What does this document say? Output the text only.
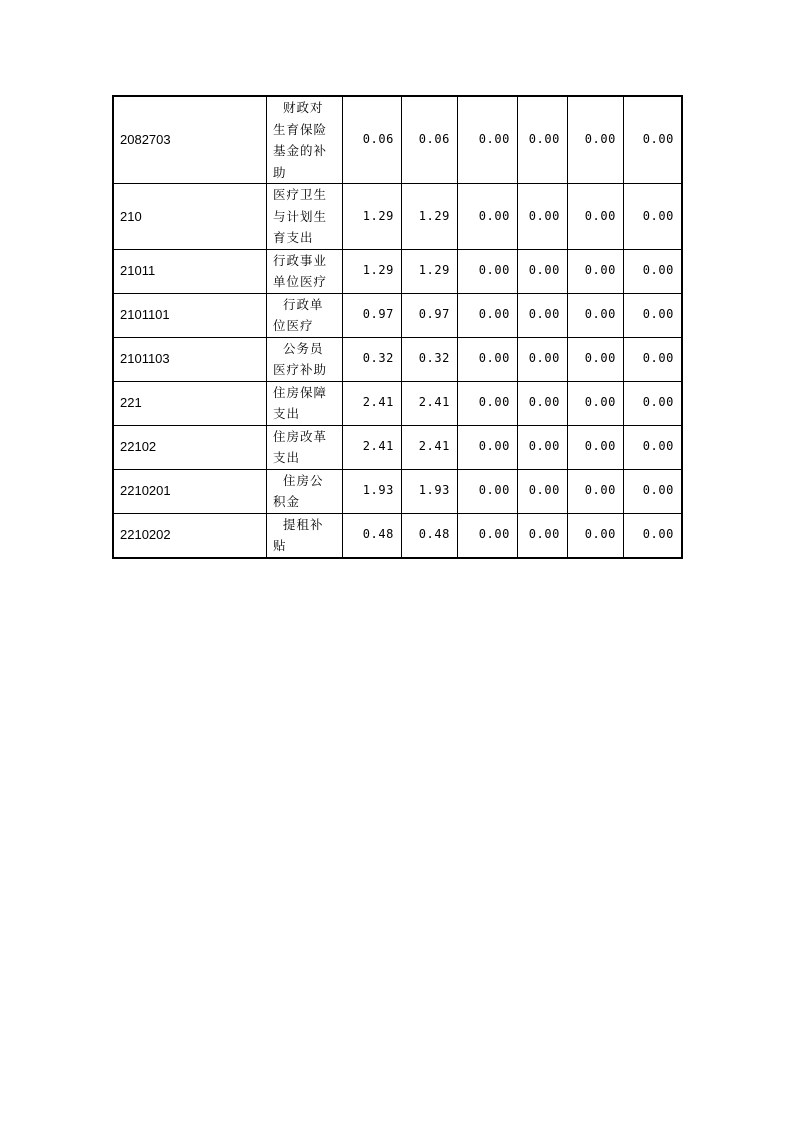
2082703	财政对生育保险基金的补助	0.06	0.06	0.00	0.00	0.00	0.00
210	医疗卫生与计划生育支出	1.29	1.29	0.00	0.00	0.00	0.00
21011	行政事业单位医疗	1.29	1.29	0.00	0.00	0.00	0.00
2101101	行政单位医疗	0.97	0.97	0.00	0.00	0.00	0.00
2101103	公务员医疗补助	0.32	0.32	0.00	0.00	0.00	0.00
221	住房保障支出	2.41	2.41	0.00	0.00	0.00	0.00
22102	住房改革支出	2.41	2.41	0.00	0.00	0.00	0.00
2210201	住房公积金	1.93	1.93	0.00	0.00	0.00	0.00
2210202	提租补贴	0.48	0.48	0.00	0.00	0.00	0.00
